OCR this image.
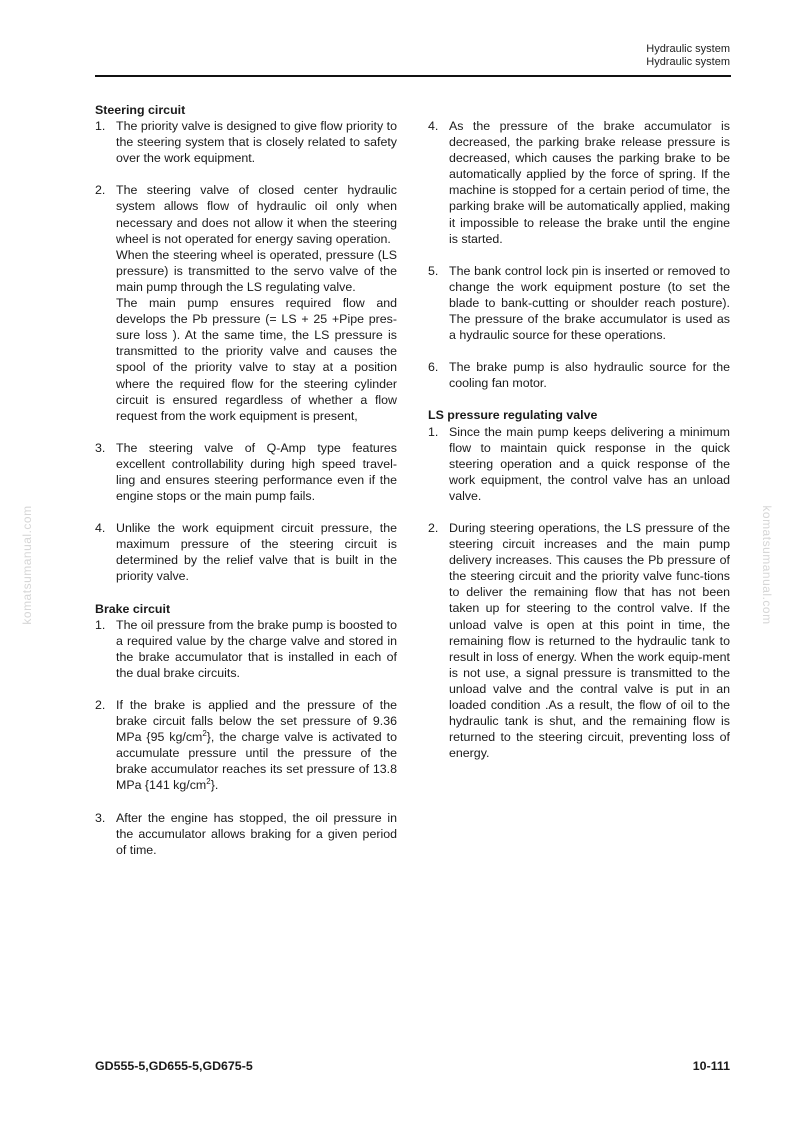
Hydraulic system
Hydraulic system
komatsumanual.com	komatsumanual.com
Steering circuit
1. The priority valve is designed to give flow priority to the steering system that is closely related to safety over the work equipment.

2. The steering valve of closed center hydraulic system allows flow of hydraulic oil only when necessary and does not allow it when the steering wheel is not operated for energy saving operation.

When the steering wheel is operated, pressure (LS pressure) is transmitted to the servo valve of the main pump through the LS regulating valve.

The main pump ensures required flow and develops the Pb pressure (= LS + 25 +Pipe pres-sure loss ). At the same time, the LS pressure is transmitted to the priority valve and causes the spool of the priority valve to stay at a position where the required flow for the steering cylinder circuit is ensured regardless of whether a flow request from the work equipment is present,

3. The steering valve of Q-Amp type features excellent controllability during high speed travel-ling and ensures steering performance even if the engine stops or the main pump fails.

4. Unlike the work equipment circuit pressure, the maximum pressure of the steering circuit is determined by the relief valve that is built in the priority valve.

Brake circuit
1. The oil pressure from the brake pump is boosted to a required value by the charge valve and stored in the brake accumulator that is installed in each of the dual brake circuits.

2. If the brake is applied and the pressure of the brake circuit falls below the set pressure of 9.36 MPa {95 $kg/cm^2$}, the charge valve is activated to accumulate pressure until the pressure of the brake accumulator reaches its set pressure of 13.8 MPa {141 $kg/cm^2$}.

3. After the engine has stopped, the oil pressure in the accumulator allows braking for a given period of time.

4. As the pressure of the brake accumulator is decreased, the parking brake release pressure is decreased, which causes the parking brake to be automatically applied by the force of spring. If the machine is stopped for a certain period of time, the parking brake will be automatically applied, making it impossible to release the brake until the engine is started.

5. The bank control lock pin is inserted or removed to change the work equipment posture (to set the blade to bank-cutting or shoulder reach posture). The pressure of the brake accumulator is used as a hydraulic source for these operations.

6. The brake pump is also hydraulic source for the cooling fan motor.

LS pressure regulating valve
1. Since the main pump keeps delivering a minimum flow to maintain quick response in the quick steering operation and a quick response of the work equipment, the control valve has an unload valve.

2. During steering operations, the LS pressure of the steering circuit increases and the main pump delivery increases. This causes the Pb pressure of the steering circuit and the priority valve func-tions to deliver the remaining flow that has not been taken up for steering to the control valve. If the unload valve is open at this point in time, the remaining flow is returned to the hydraulic tank to result in loss of energy. When the work equip-ment is not use, a signal pressure is transmitted to the unload valve and the contral valve is put in an loaded condition .As a result, the flow of oil to the hydraulic tank is shut, and the remaining flow is returned to the steering circuit, preventing loss of energy.

GD555-5,GD655-5,GD675-5	10-111
